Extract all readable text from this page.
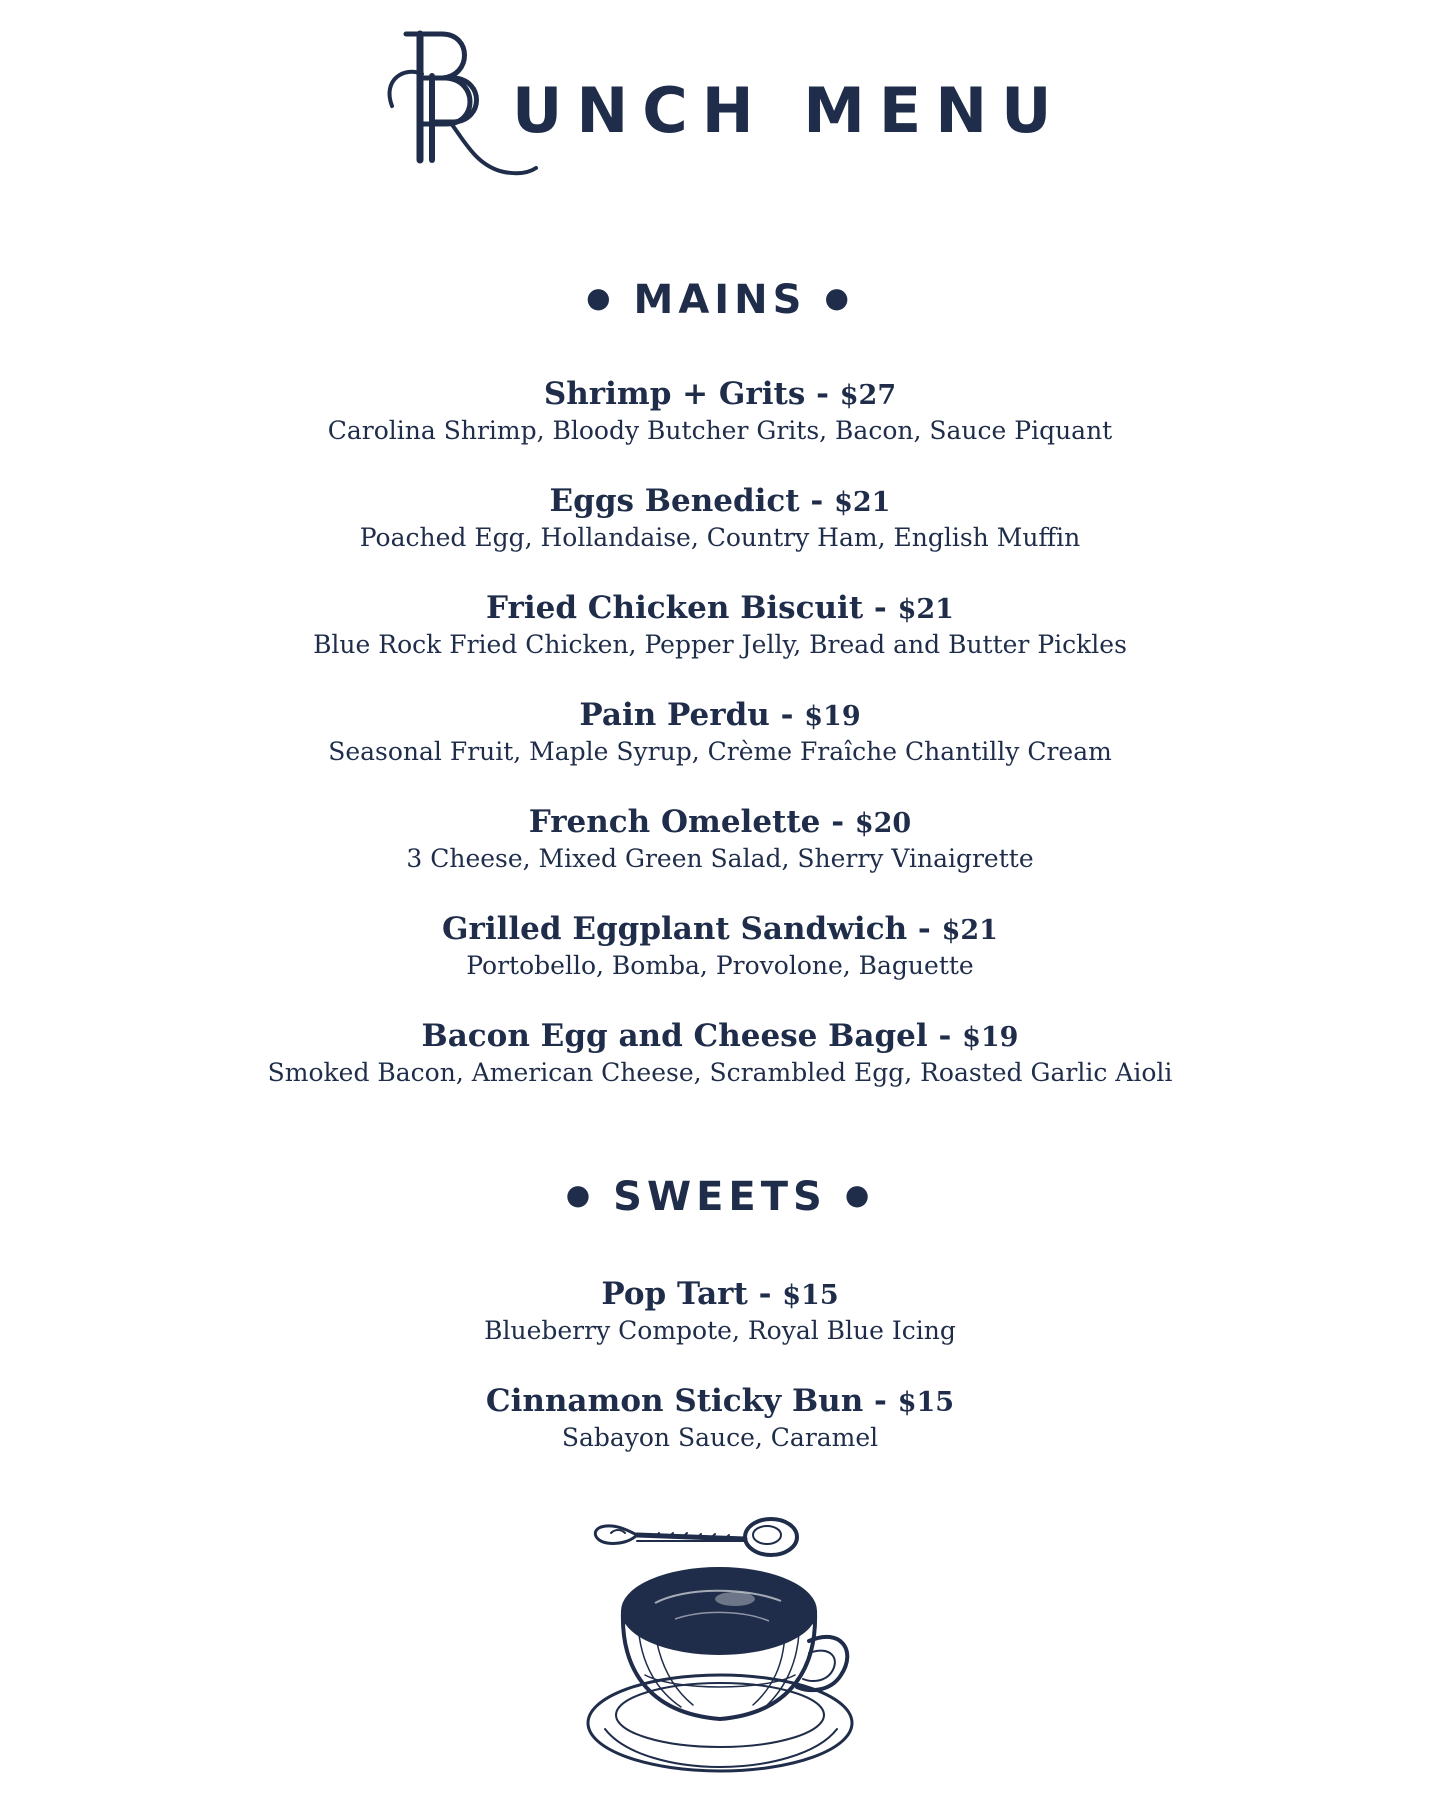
BR
UNCH MENU
● MAINS ●
Shrimp + Grits - $27
Carolina Shrimp, Bloody Butcher Grits, Bacon, Sauce Piquant
Eggs Benedict - $21
Poached Egg, Hollandaise, Country Ham, English Muffin
Fried Chicken Biscuit - $21
Blue Rock Fried Chicken, Pepper Jelly, Bread and Butter Pickles
Pain Perdu - $19
Seasonal Fruit, Maple Syrup, Crème Fraîche Chantilly Cream
French Omelette - $20
3 Cheese, Mixed Green Salad, Sherry Vinaigrette
Grilled Eggplant Sandwich - $21
Portobello, Bomba, Provolone, Baguette
Bacon Egg and Cheese Bagel - $19
Smoked Bacon, American Cheese, Scrambled Egg, Roasted Garlic Aioli
● SWEETS ●
Pop Tart - $15
Blueberry Compote, Royal Blue Icing
Cinnamon Sticky Bun - $15
Sabayon Sauce, Caramel
